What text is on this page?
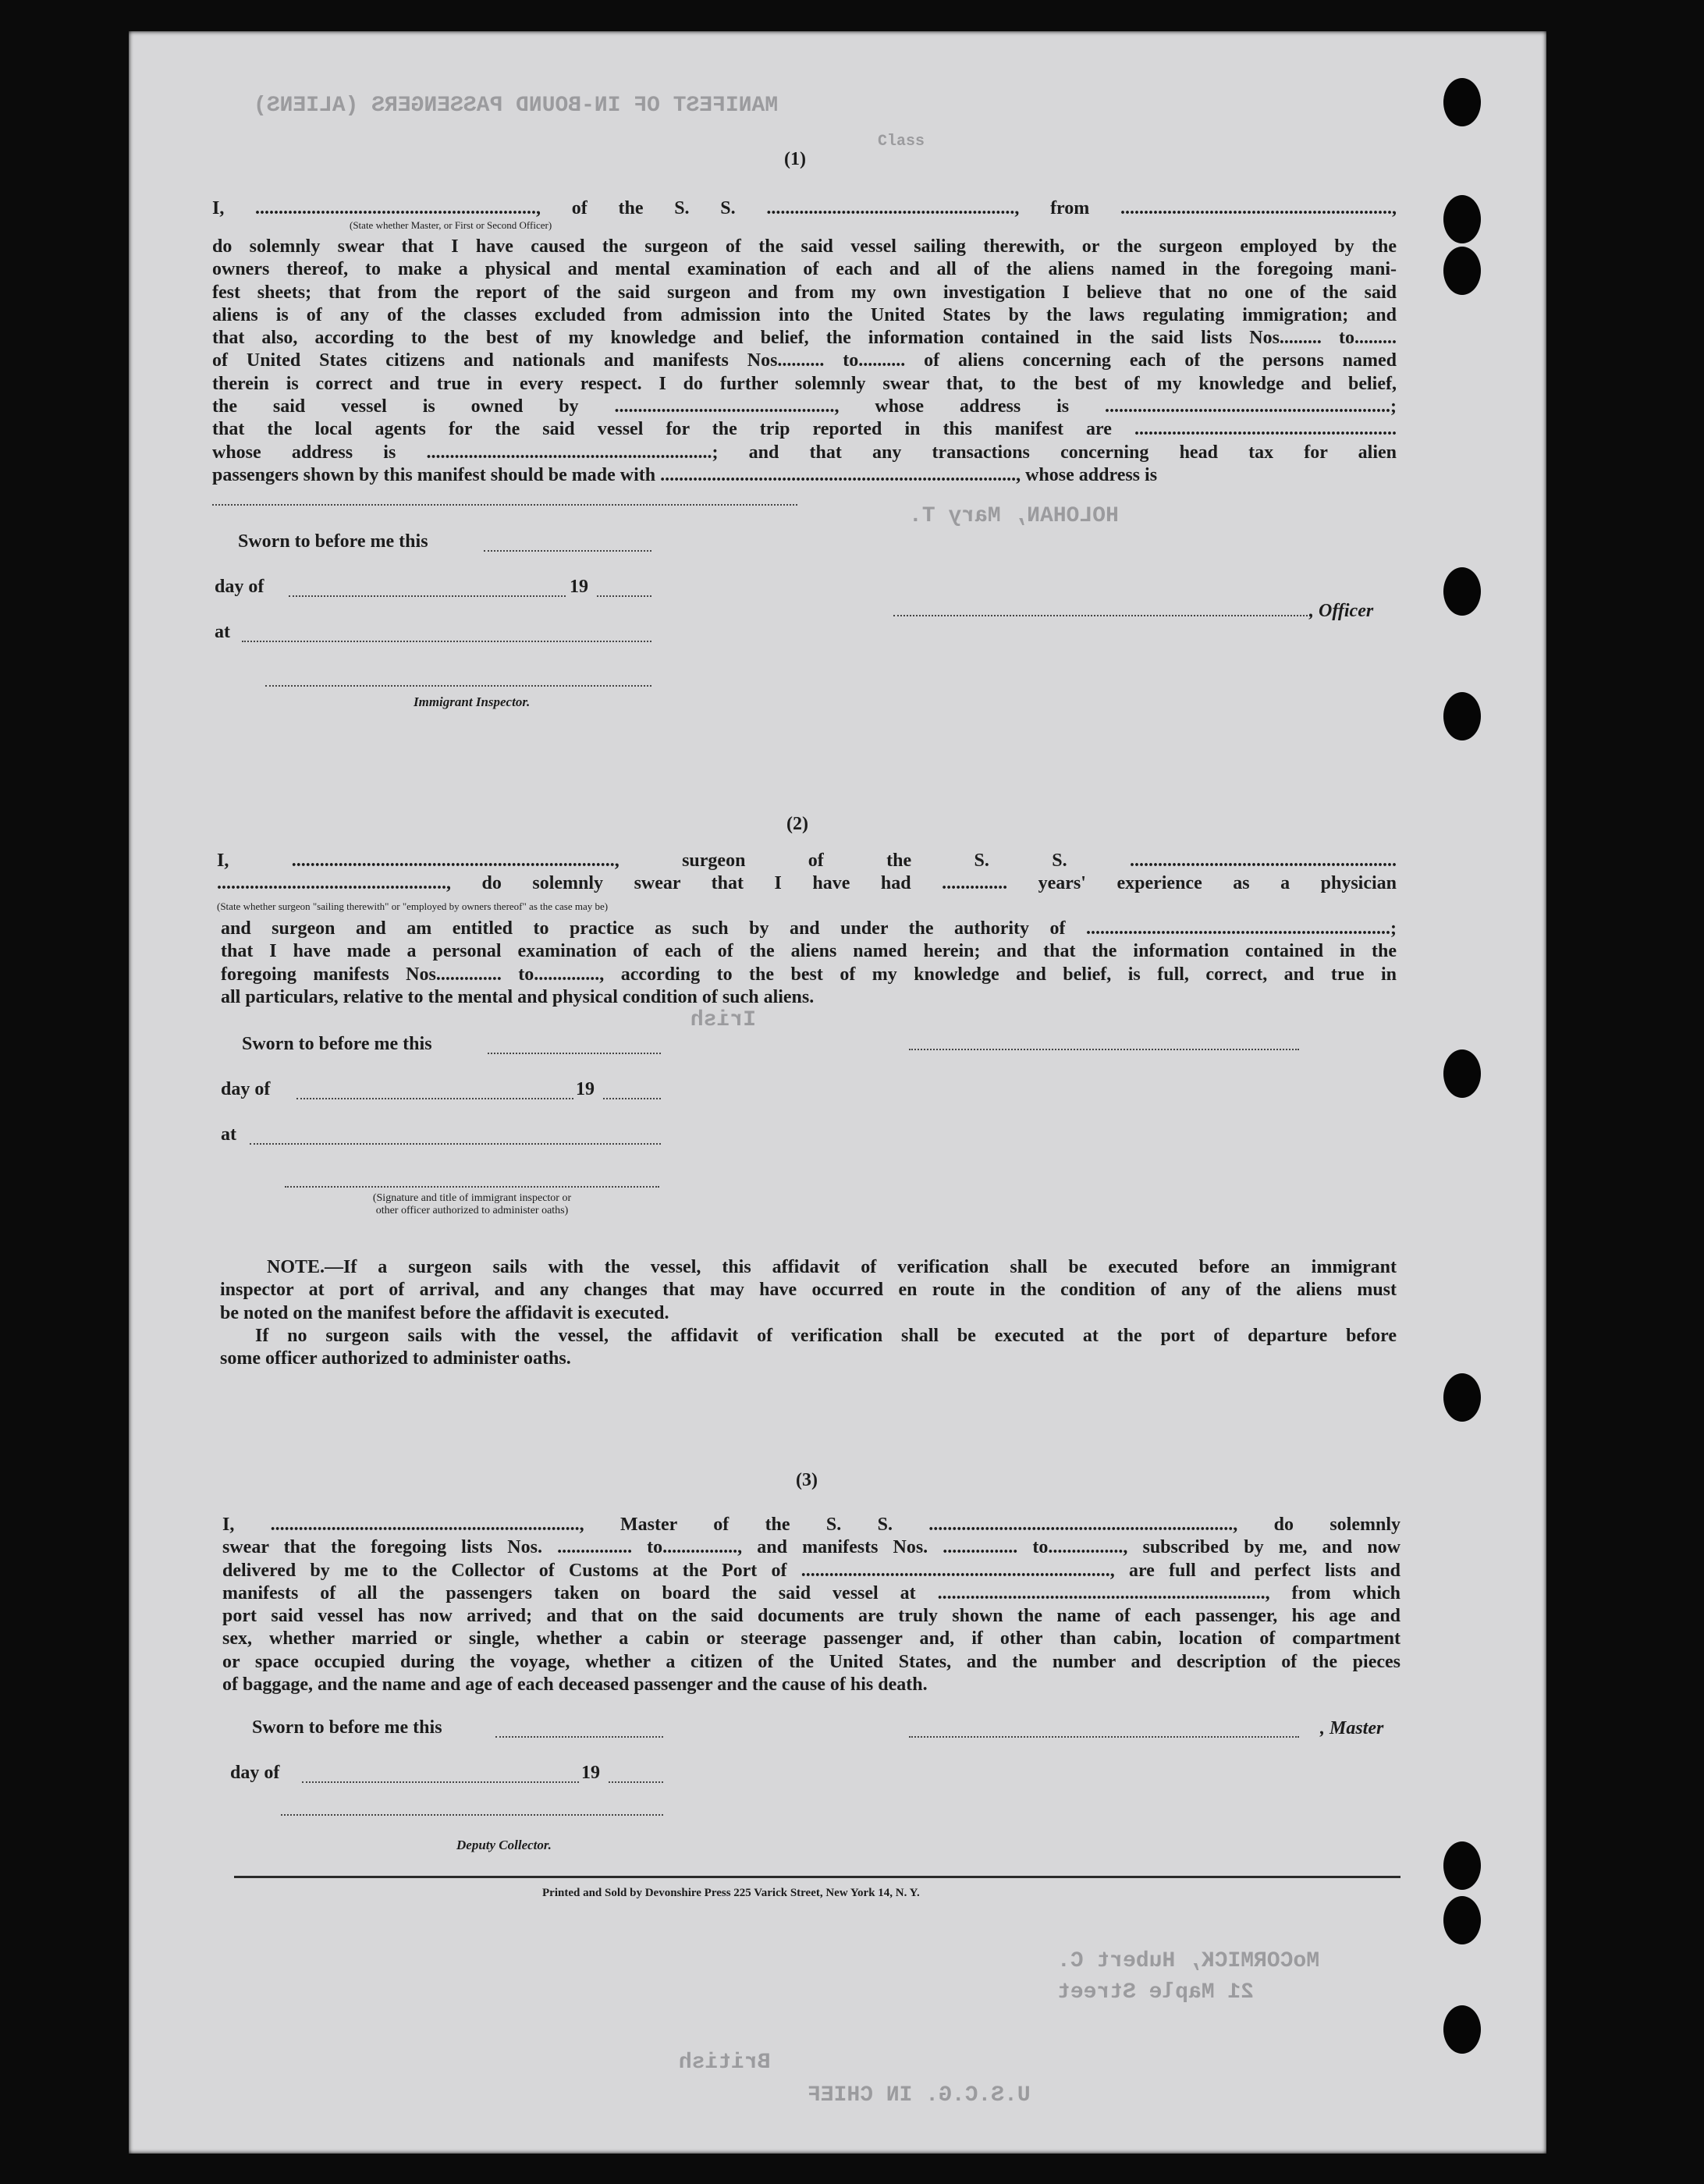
MANIFEST OF IN-BOUND PASSENGERS (ALIENS)
Class
HOLOHAN, Mary T.
Irish
MoCORMICK, Hubert C.
British
21 Maple Street
U.S.C.G. IN CHIEF
(1)

I, ............................................................, of the S. S. ....................................................., from ..........................................................,

(State whether Master, or First or Second Officer)

do solemnly swear that I have caused the surgeon of the said vessel sailing therewith, or the surgeon employed by the

owners thereof, to make a physical and mental examination of each and all of the aliens named in the foregoing mani-

fest sheets; that from the report of the said surgeon and from my own investigation I believe that no one of the said

aliens is of any of the classes excluded from admission into the United States by the laws regulating immigration; and

that also, according to the best of my knowledge and belief, the information contained in the said lists Nos......... to.........

of United States citizens and nationals and manifests Nos.......... to.......... of aliens concerning each of the persons named

therein is correct and true in every respect. I do further solemnly swear that, to the best of my knowledge and belief,

the said vessel is owned by ..............................................., whose address is .............................................................;

that the local agents for the said vessel for the trip reported in this manifest are ........................................................

whose address is .............................................................; and that any transactions concerning head tax for alien

passengers shown by this manifest should be made with ............................................................................, whose address is

Sworn to before me this
day of	19
at
Immigrant Inspector.
, Officer
(2)

I, ....................................................................., surgeon of the S. S. .........................................................

................................................., do solemnly swear that I have had .............. years' experience as a physician

(State whether surgeon "sailing therewith" or "employed by owners thereof" as the case may be)

and surgeon and am entitled to practice as such by and under the authority of .................................................................;

that I have made a personal examination of each of the aliens named herein; and that the information contained in the

foregoing manifests Nos.............. to.............., according to the best of my knowledge and belief, is full, correct, and true in

all particulars, relative to the mental and physical condition of such aliens.

Sworn to before me this
day of	19
at
(Signature and title of immigrant inspector or
other officer authorized to administer oaths)

NOTE.—If a surgeon sails with the vessel, this affidavit of verification shall be executed before an immigrant

inspector at port of arrival, and any changes that may have occurred en route in the condition of any of the aliens must

be noted on the manifest before the affidavit is executed.

If no surgeon sails with the vessel, the affidavit of verification shall be executed at the port of departure before

some officer authorized to administer oaths.

(3)

I, .................................................................., Master of the S. S. ................................................................., do solemnly

swear that the foregoing lists Nos. ................ to................, and manifests Nos. ................ to................, subscribed by me, and now

delivered by me to the Collector of Customs at the Port of .................................................................., are full and perfect lists and

manifests of all the passengers taken on board the said vessel at ......................................................................, from which

port said vessel has now arrived; and that on the said documents are truly shown the name of each passenger, his age and

sex, whether married or single, whether a cabin or steerage passenger and, if other than cabin, location of compartment

or space occupied during the voyage, whether a citizen of the United States, and the number and description of the pieces

of baggage, and the name and age of each deceased passenger and the cause of his death.

Sworn to before me this
day of	19
Deputy Collector.
, Master
Printed and Sold by Devonshire Press 225 Varick Street, New York 14, N. Y.
